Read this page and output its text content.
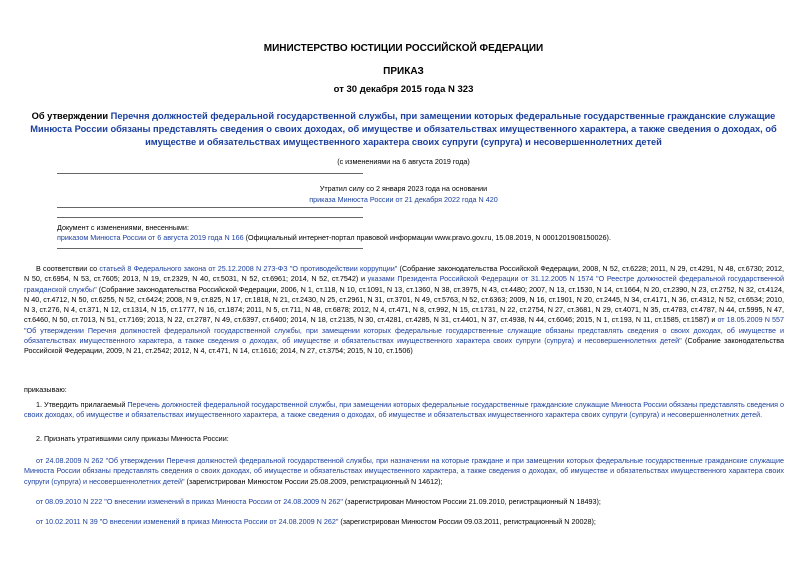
МИНИСТЕРСТВО ЮСТИЦИИ РОССИЙСКОЙ ФЕДЕРАЦИИ
ПРИКАЗ
от 30 декабря 2015 года N 323
Об утверждении Перечня должностей федеральной государственной службы, при замещении которых федеральные государственные гражданские служащие Минюста России обязаны представлять сведения о своих доходах, об имуществе и обязательствах имущественного характера, а также сведения о доходах, об имуществе и обязательствах имущественного характера своих супруги (супруга) и несовершеннолетних детей
(с изменениями на 6 августа 2019 года)
Утратил силу со 2 января 2023 года на основании
приказа Минюста России от 21 декабря 2022 года N 420
Документ с изменениями, внесенными:
приказом Минюста России от 6 августа 2019 года N 166 (Официальный интернет-портал правовой информации www.pravo.gov.ru, 15.08.2019, N 0001201908150026).
В соответствии со статьей 8 Федерального закона от 25.12.2008 N 273-ФЗ "О противодействии коррупции" (Собрание законодательства Российской Федерации, 2008, N 52, ст.6228; 2011, N 29, ст.4291, N 48, ст.6730; 2012, N 50, ст.6954, N 53, ст.7605; 2013, N 19, ст.2329, N 40, ст.5031, N 52, ст.6961; 2014, N 52, ст.7542) и указами Президента Российской Федерации от 31.12.2005 N 1574 "О Реестре должностей федеральной государственной гражданской службы" (Собрание законодательства Российской Федерации, 2006, N 1, ст.118, N 10, ст.1091, N 13, ст.1360, N 38, ст.3975, N 43, ст.4480; 2007, N 13, ст.1530, N 14, ст.1664, N 20, ст.2390, N 23, ст.2752, N 32, ст.4124, N 40, ст.4712, N 50, ст.6255, N 52, ст.6424; 2008, N 9, ст.825, N 17, ст.1818, N 21, ст.2430, N 25, ст.2961, N 31, ст.3701, N 49, ст.5763, N 52, ст.6363; 2009, N 16, ст.1901, N 20, ст.2445, N 34, ст.4171, N 36, ст.4312, N 52, ст.6534; 2010, N 3, ст.276, N 4, ст.371, N 12, ст.1314, N 15, ст.1777, N 16, ст.1874; 2011, N 5, ст.711, N 48, ст.6878; 2012, N 4, ст.471, N 8, ст.992, N 15, ст.1731, N 22, ст.2754, N 27, ст.3681, N 29, ст.4071, N 35, ст.4783, ст.4787, N 44, ст.5995, N 47, ст.6460, N 50, ст.7013, N 51, ст.7169; 2013, N 22, ст.2787, N 49, ст.6397, ст.6400; 2014, N 18, ст.2135, N 30, ст.4281, ст.4285, N 31, ст.4401, N 37, ст.4938, N 44, ст.6046; 2015, N 1, ст.193, N 11, ст.1585, ст.1587) и от 18.05.2009 N 557 "Об утверждении Перечня должностей федеральной государственной службы, при замещении которых федеральные государственные служащие обязаны представлять сведения о своих доходах, об имуществе и обязательствах имущественного характера, а также сведения о доходах, об имуществе и обязательствах имущественного характера своих супруги (супруга) и несовершеннолетних детей" (Собрание законодательства Российской Федерации, 2009, N 21, ст.2542; 2012, N 4, ст.471, N 14, ст.1616; 2014, N 27, ст.3754; 2015, N 10, ст.1506)
приказываю:
1. Утвердить прилагаемый Перечень должностей федеральной государственной службы, при замещении которых федеральные государственные гражданские служащие Минюста России обязаны представлять сведения о своих доходах, об имуществе и обязательствах имущественного характера, а также сведения о доходах, об имуществе и обязательствах имущественного характера своих супруги (супруга) и несовершеннолетних детей.
2. Признать утратившими силу приказы Минюста России:
от 24.08.2009 N 262 "Об утверждении Перечня должностей федеральной государственной службы, при назначении на которые граждане и при замещении которых федеральные государственные гражданские служащие Минюста России обязаны представлять сведения о своих доходах, об имуществе и обязательствах имущественного характера, а также сведения о доходах, об имуществе и обязательствах имущественного характера своих супруги (супруга) и несовершеннолетних детей" (зарегистрирован Минюстом России 25.08.2009, регистрационный N 14612);
от 08.09.2010 N 222 "О внесении изменений в приказ Минюста России от 24.08.2009 N 262" (зарегистрирован Минюстом России 21.09.2010, регистрационный N 18493);
от 10.02.2011 N 39 "О внесении изменений в приказ Минюста России от 24.08.2009 N 262" (зарегистрирован Минюстом России 09.03.2011, регистрационный N 20028);
